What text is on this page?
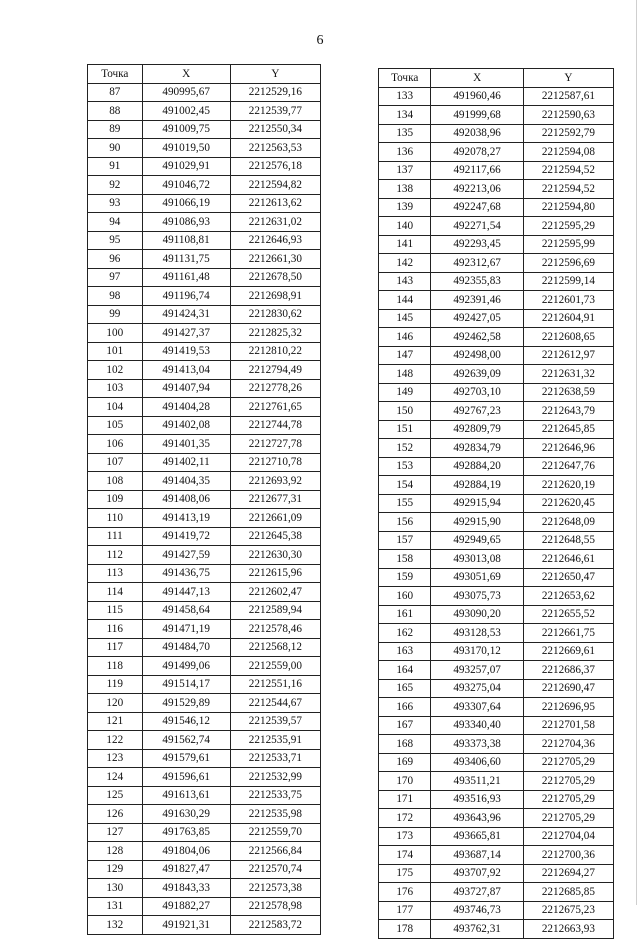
6
Точка	X	Y
87	490995,67	2212529,16
88	491002,45	2212539,77
89	491009,75	2212550,34
90	491019,50	2212563,53
91	491029,91	2212576,18
92	491046,72	2212594,82
93	491066,19	2212613,62
94	491086,93	2212631,02
95	491108,81	2212646,93
96	491131,75	2212661,30
97	491161,48	2212678,50
98	491196,74	2212698,91
99	491424,31	2212830,62
100	491427,37	2212825,32
101	491419,53	2212810,22
102	491413,04	2212794,49
103	491407,94	2212778,26
104	491404,28	2212761,65
105	491402,08	2212744,78
106	491401,35	2212727,78
107	491402,11	2212710,78
108	491404,35	2212693,92
109	491408,06	2212677,31
110	491413,19	2212661,09
111	491419,72	2212645,38
112	491427,59	2212630,30
113	491436,75	2212615,96
114	491447,13	2212602,47
115	491458,64	2212589,94
116	491471,19	2212578,46
117	491484,70	2212568,12
118	491499,06	2212559,00
119	491514,17	2212551,16
120	491529,89	2212544,67
121	491546,12	2212539,57
122	491562,74	2212535,91
123	491579,61	2212533,71
124	491596,61	2212532,99
125	491613,61	2212533,75
126	491630,29	2212535,98
127	491763,85	2212559,70
128	491804,06	2212566,84
129	491827,47	2212570,74
130	491843,33	2212573,38
131	491882,27	2212578,98
132	491921,31	2212583,72
Точка	X	Y
133	491960,46	2212587,61
134	491999,68	2212590,63
135	492038,96	2212592,79
136	492078,27	2212594,08
137	492117,66	2212594,52
138	492213,06	2212594,52
139	492247,68	2212594,80
140	492271,54	2212595,29
141	492293,45	2212595,99
142	492312,67	2212596,69
143	492355,83	2212599,14
144	492391,46	2212601,73
145	492427,05	2212604,91
146	492462,58	2212608,65
147	492498,00	2212612,97
148	492639,09	2212631,32
149	492703,10	2212638,59
150	492767,23	2212643,79
151	492809,79	2212645,85
152	492834,79	2212646,96
153	492884,20	2212647,76
154	492884,19	2212620,19
155	492915,94	2212620,45
156	492915,90	2212648,09
157	492949,65	2212648,55
158	493013,08	2212646,61
159	493051,69	2212650,47
160	493075,73	2212653,62
161	493090,20	2212655,52
162	493128,53	2212661,75
163	493170,12	2212669,61
164	493257,07	2212686,37
165	493275,04	2212690,47
166	493307,64	2212696,95
167	493340,40	2212701,58
168	493373,38	2212704,36
169	493406,60	2212705,29
170	493511,21	2212705,29
171	493516,93	2212705,29
172	493643,96	2212705,29
173	493665,81	2212704,04
174	493687,14	2212700,36
175	493707,92	2212694,27
176	493727,87	2212685,85
177	493746,73	2212675,23
178	493762,31	2212663,93
